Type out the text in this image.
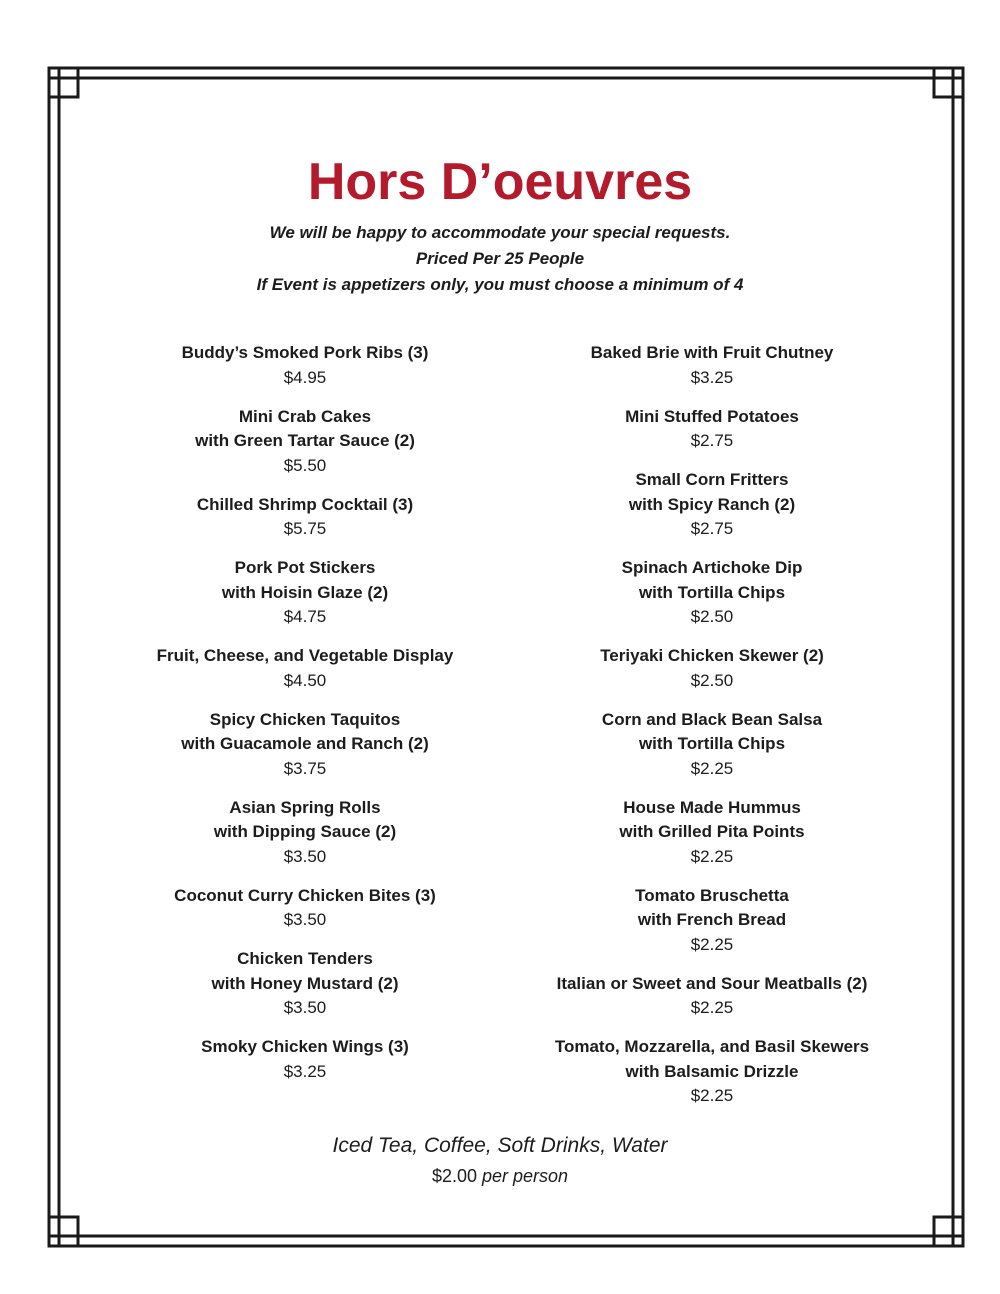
Hors D’oeuvres
We will be happy to accommodate your special requests.
Priced Per 25 People
If Event is appetizers only, you must choose a minimum of 4
Buddy’s Smoked Pork Ribs (3)
$4.95
Mini Crab Cakes
with Green Tartar Sauce (2)
$5.50
Chilled Shrimp Cocktail (3)
$5.75
Pork Pot Stickers
with Hoisin Glaze (2)
$4.75
Fruit, Cheese, and Vegetable Display
$4.50
Spicy Chicken Taquitos
with Guacamole and Ranch (2)
$3.75
Asian Spring Rolls
with Dipping Sauce (2)
$3.50
Coconut Curry Chicken Bites (3)
$3.50
Chicken Tenders
with Honey Mustard (2)
$3.50
Smoky Chicken Wings (3)
$3.25
Baked Brie with Fruit Chutney
$3.25
Mini Stuffed Potatoes
$2.75
Small Corn Fritters
with Spicy Ranch (2)
$2.75
Spinach Artichoke Dip
with Tortilla Chips
$2.50
Teriyaki Chicken Skewer (2)
$2.50
Corn and Black Bean Salsa
with Tortilla Chips
$2.25
House Made Hummus
with Grilled Pita Points
$2.25
Tomato Bruschetta
with French Bread
$2.25
Italian or Sweet and Sour Meatballs (2)
$2.25
Tomato, Mozzarella, and Basil Skewers
with Balsamic Drizzle
$2.25
Iced Tea, Coffee, Soft Drinks, Water
$2.00 per person
